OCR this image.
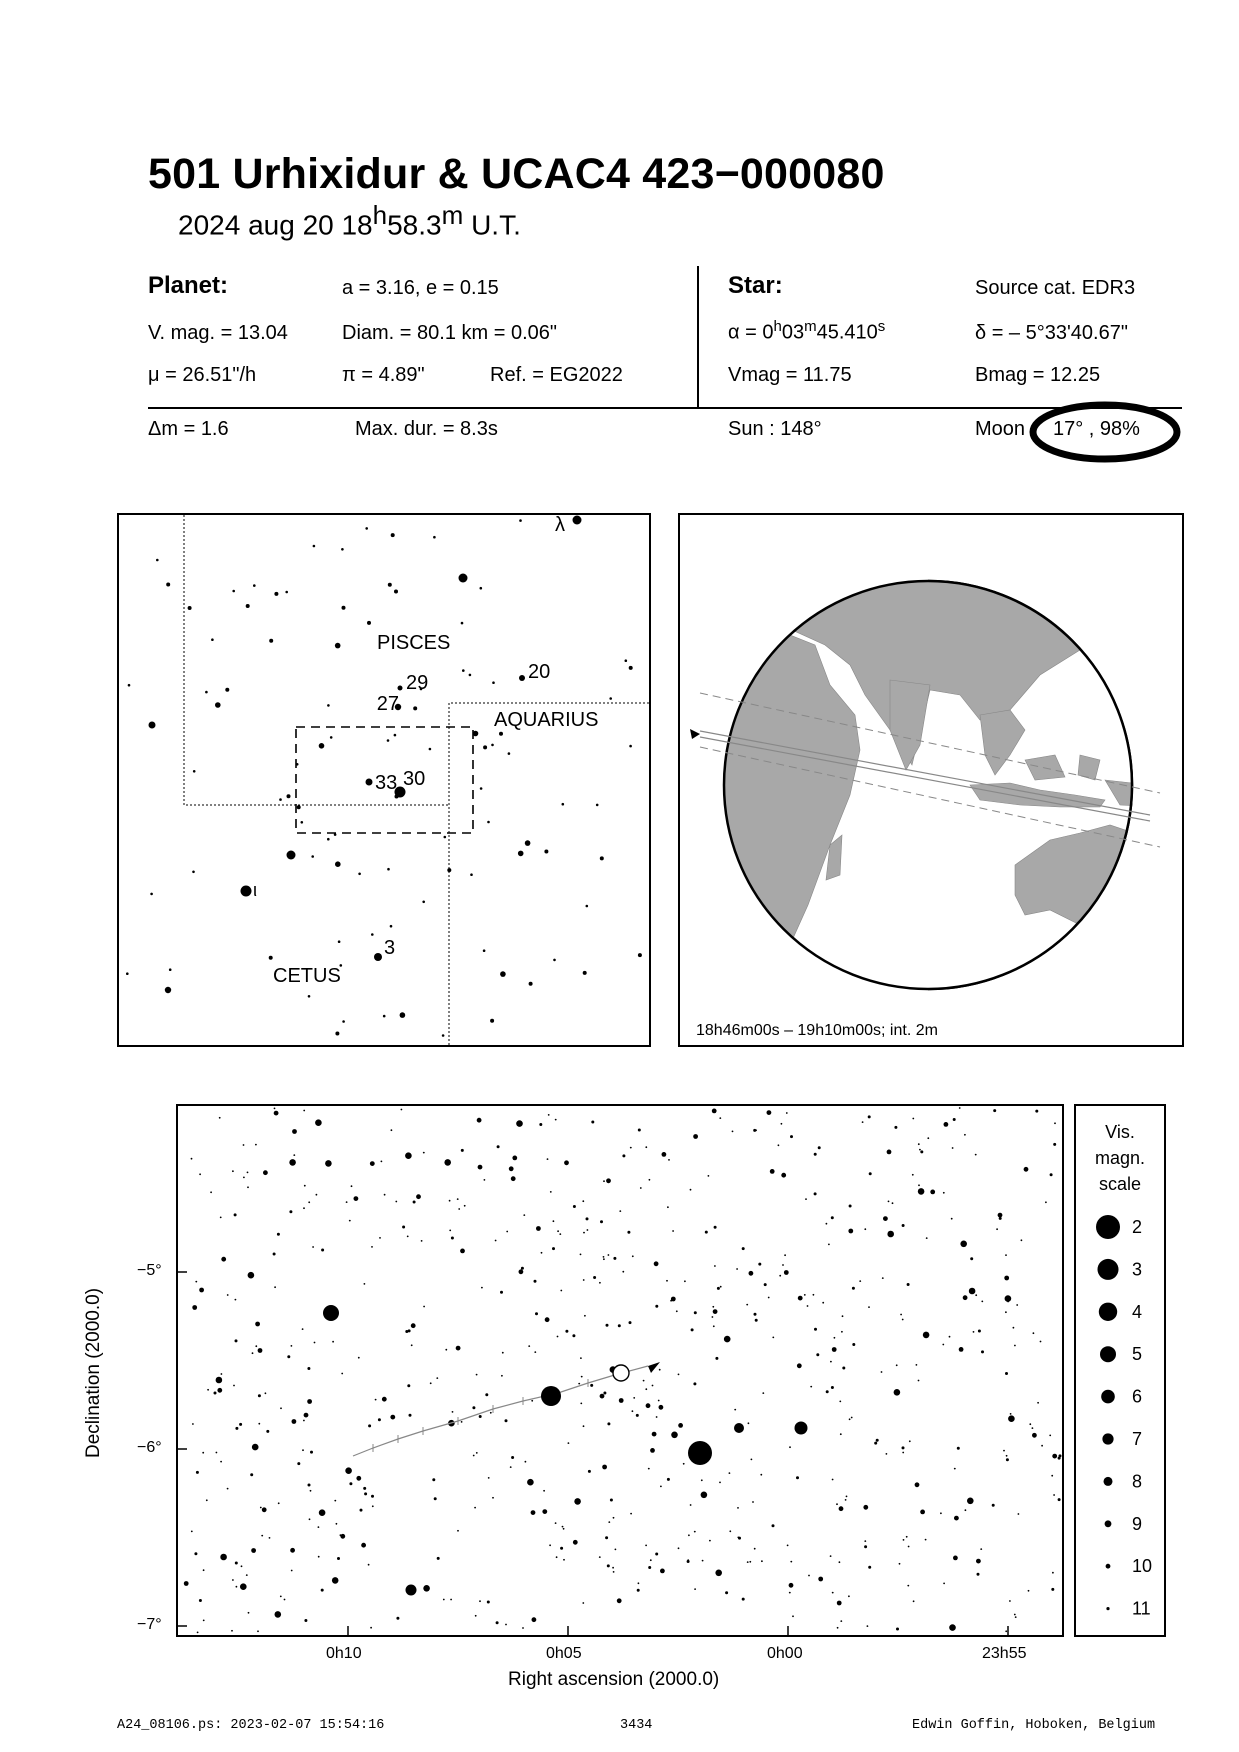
501 Urhixidur & UCAC4 423−000080
2024 aug 20 18$^h$58.3$^m$ U.T.
Planet:	a = 3.16, e = 0.15
V. mag. = 13.04	Diam. = 80.1 km = 0.06"
μ = 26.51"/h	π = 4.89"	Ref. = EG2022
Star:	Source cat. EDR3
$\alpha = 0^h03^m45.410^s$	δ = – 5°33'40.67"
Vmag = 11.75	Bmag = 12.25
Δm = 1.6	Max. dur. = 8.3s	Sun : 148°	Moon 17° , 98%
PISCES
AQUARIUS
CETUS
λ
20
29
27
33 30
ι
3
18h46m00s – 19h10m00s; int. 2m
0h10	0h05	0h00	23h55
−5°
−6°
−7°
Right ascension (2000.0)
Declination (2000.0)
Vis.
magn.
scale
2
3
4
5
6
7
8
9
10
11
A24_08106.ps: 2023-02-07 15:54:16	3434	Edwin Goffin, Hoboken, Belgium
